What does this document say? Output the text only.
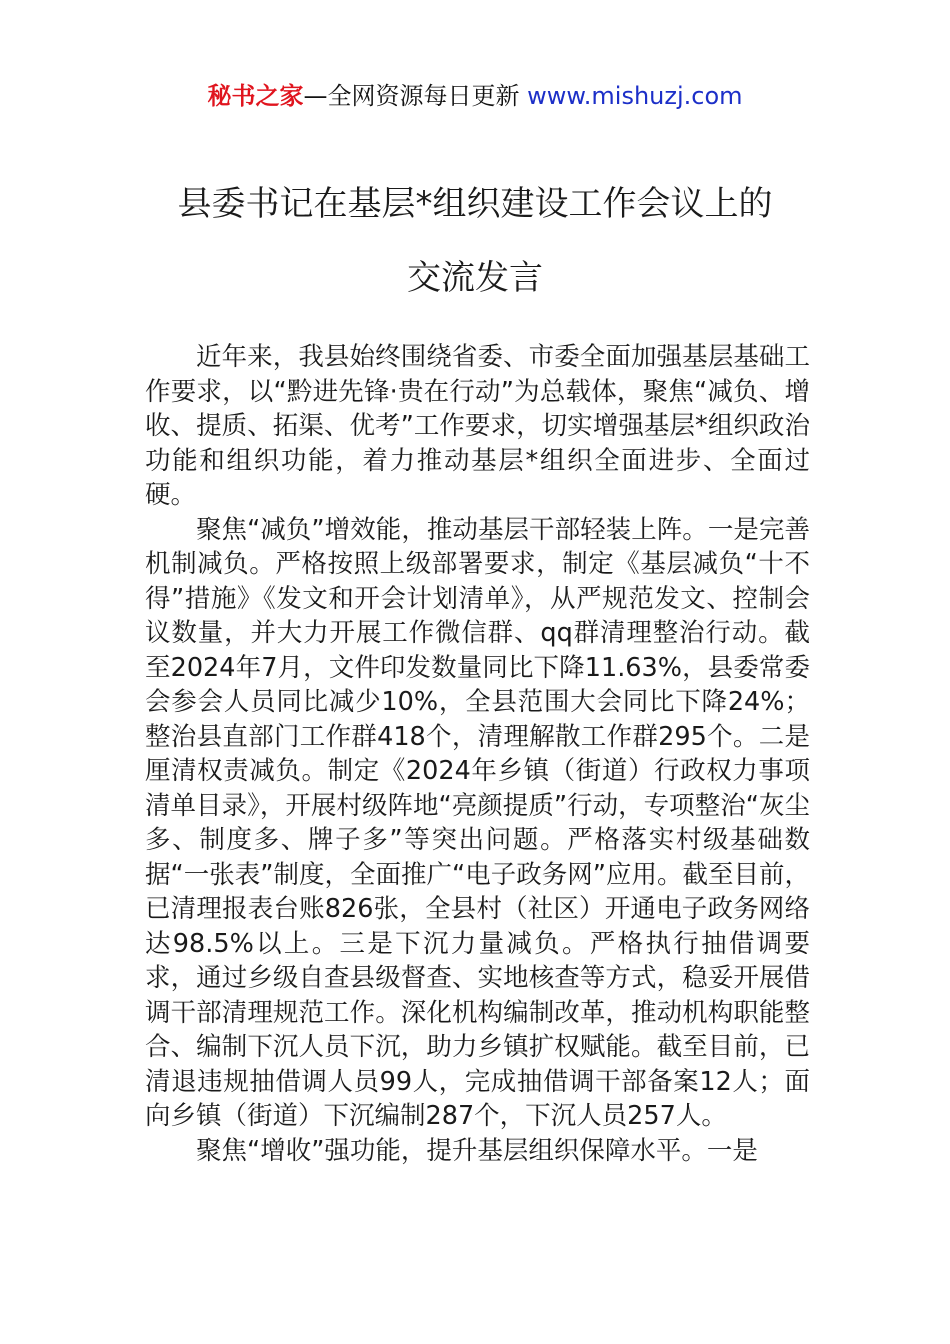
秘书之家—全网资源每日更新 www.mishuzj.com
县委书记在基层*组织建设工作会议上的
交流发言

近年来，我县始终围绕省委、市委全面加强基层基础工作要求，以“黔进先锋·贵在行动”为总载体，聚焦“减负、增收、提质、拓渠、优考”工作要求，切实增强基层*组织政治功能和组织功能，着力推动基层*组织全面进步、全面过硬。

聚焦“减负”增效能，推动基层干部轻装上阵。一是完善机制减负。严格按照上级部署要求，制定《基层减负“十不得”措施》《发文和开会计划清单》，从严规范发文、控制会议数量，并大力开展工作微信群、qq群清理整治行动。截至2024年7月，文件印发数量同比下降11.63%，县委常委会参会人员同比减少10%，全县范围大会同比下降24%；整治县直部门工作群418个，清理解散工作群295个。二是厘清权责减负。制定《2024年乡镇（街道）行政权力事项清单目录》，开展村级阵地“亮颜提质”行动，专项整治“灰尘多、制度多、牌子多”等突出问题。严格落实村级基础数据“一张表”制度，全面推广“电子政务网”应用。截至目前，已清理报表台账826张，全县村（社区）开通电子政务网络达98.5%以上。三是下沉力量减负。严格执行抽借调要求，通过乡级自查县级督查、实地核查等方式，稳妥开展借调干部清理规范工作。深化机构编制改革，推动机构职能整合、编制下沉人员下沉，助力乡镇扩权赋能。截至目前，已清退违规抽借调人员99人，完成抽借调干部备案12人；面向乡镇（街道）下沉编制287个，下沉人员257人。

聚焦“增收”强功能，提升基层组织保障水平。一是
